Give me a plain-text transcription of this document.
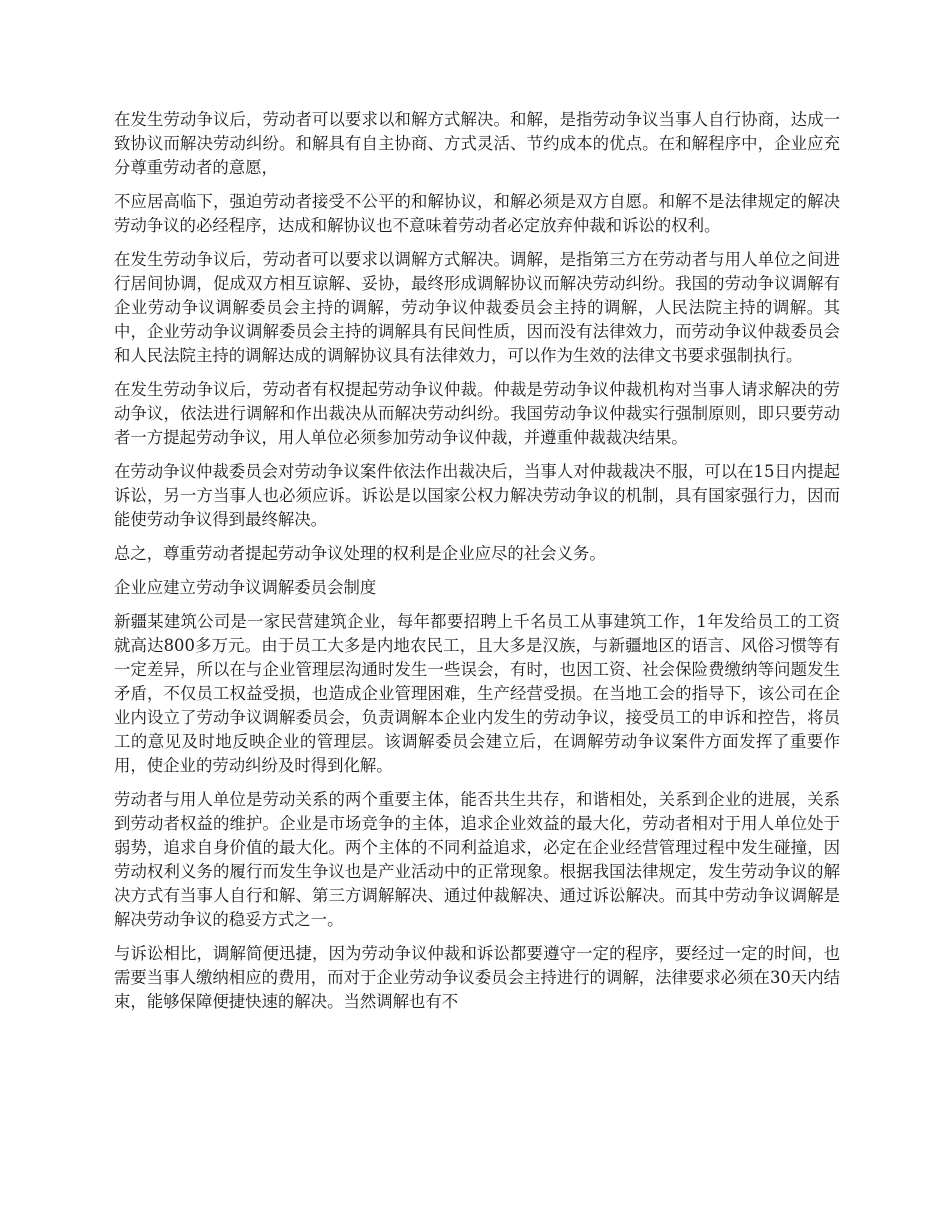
在发生劳动争议后，劳动者可以要求以和解方式解决。和解，是指劳动争议当事人自行协商，达成一致协议而解决劳动纠纷。和解具有自主协商、方式灵活、节约成本的优点。在和解程序中，企业应充分尊重劳动者的意愿，

不应居高临下，强迫劳动者接受不公平的和解协议，和解必须是双方自愿。和解不是法律规定的解决劳动争议的必经程序，达成和解协议也不意味着劳动者必定放弃仲裁和诉讼的权利。

在发生劳动争议后，劳动者可以要求以调解方式解决。调解，是指第三方在劳动者与用人单位之间进行居间协调，促成双方相互谅解、妥协，最终形成调解协议而解决劳动纠纷。我国的劳动争议调解有企业劳动争议调解委员会主持的调解，劳动争议仲裁委员会主持的调解，人民法院主持的调解。其中，企业劳动争议调解委员会主持的调解具有民间性质，因而没有法律效力，而劳动争议仲裁委员会和人民法院主持的调解达成的调解协议具有法律效力，可以作为生效的法律文书要求强制执行。

在发生劳动争议后，劳动者有权提起劳动争议仲裁。仲裁是劳动争议仲裁机构对当事人请求解决的劳动争议，依法进行调解和作出裁决从而解决劳动纠纷。我国劳动争议仲裁实行强制原则，即只要劳动者一方提起劳动争议，用人单位必须参加劳动争议仲裁，并遵重仲裁裁决结果。

在劳动争议仲裁委员会对劳动争议案件依法作出裁决后，当事人对仲裁裁决不服，可以在15日内提起诉讼，另一方当事人也必须应诉。诉讼是以国家公权力解决劳动争议的机制，具有国家强行力，因而能使劳动争议得到最终解决。

总之，尊重劳动者提起劳动争议处理的权利是企业应尽的社会义务。

企业应建立劳动争议调解委员会制度

新疆某建筑公司是一家民营建筑企业，每年都要招聘上千名员工从事建筑工作，1年发给员工的工资就高达800多万元。由于员工大多是内地农民工，且大多是汉族，与新疆地区的语言、风俗习惯等有一定差异，所以在与企业管理层沟通时发生一些误会，有时，也因工资、社会保险费缴纳等问题发生矛盾，不仅员工权益受损，也造成企业管理困难，生产经营受损。在当地工会的指导下，该公司在企业内设立了劳动争议调解委员会，负责调解本企业内发生的劳动争议，接受员工的申诉和控告，将员工的意见及时地反映企业的管理层。该调解委员会建立后，在调解劳动争议案件方面发挥了重要作用，使企业的劳动纠纷及时得到化解。

劳动者与用人单位是劳动关系的两个重要主体，能否共生共存，和谐相处，关系到企业的进展，关系到劳动者权益的维护。企业是市场竞争的主体，追求企业效益的最大化，劳动者相对于用人单位处于弱势，追求自身价值的最大化。两个主体的不同利益追求，必定在企业经营管理过程中发生碰撞，因劳动权利义务的履行而发生争议也是产业活动中的正常现象。根据我国法律规定，发生劳动争议的解决方式有当事人自行和解、第三方调解解决、通过仲裁解决、通过诉讼解决。而其中劳动争议调解是解决劳动争议的稳妥方式之一。

与诉讼相比，调解简便迅捷，因为劳动争议仲裁和诉讼都要遵守一定的程序，要经过一定的时间，也需要当事人缴纳相应的费用，而对于企业劳动争议委员会主持进行的调解，法律要求必须在30天内结束，能够保障便捷快速的解决。当然调解也有不
